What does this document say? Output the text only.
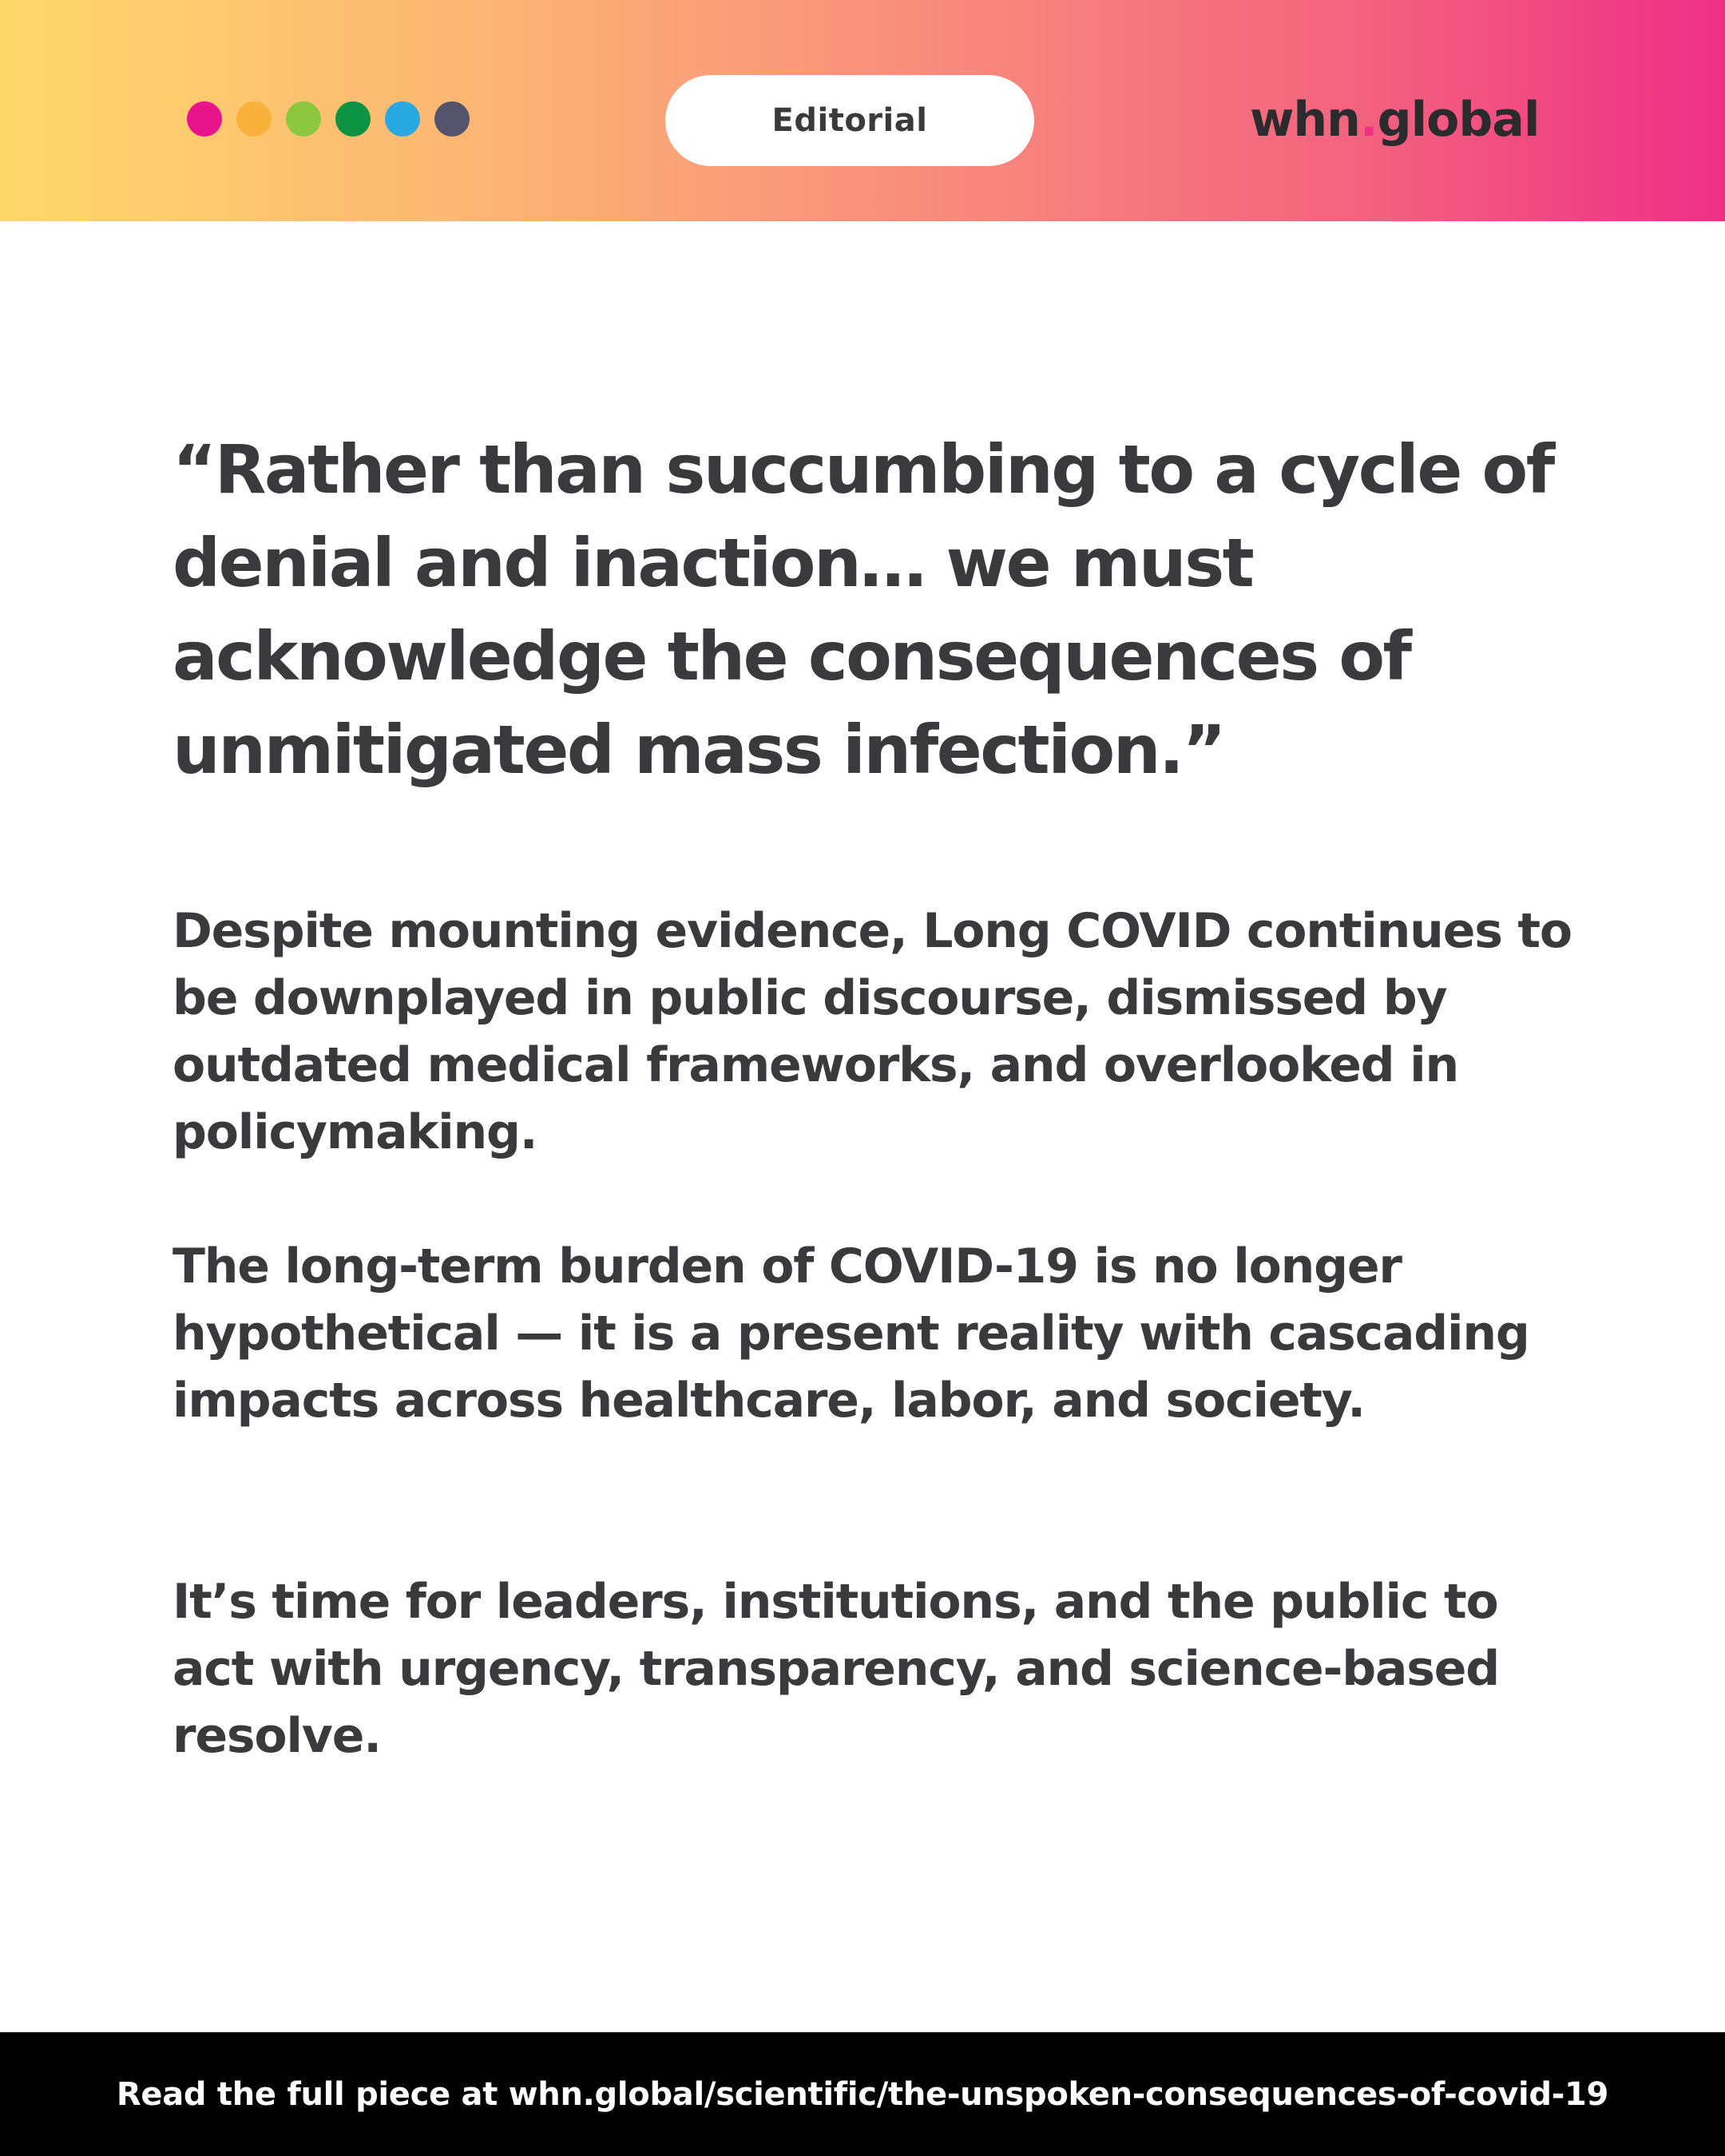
Editorial	whn.global

“Rather than succumbing to a cycle of denial and inaction… we must acknowledge the consequences of unmitigated mass infection.”

Despite mounting evidence, Long COVID continues to be downplayed in public discourse, dismissed by outdated medical frameworks, and overlooked in policymaking.

The long-term burden of COVID-19 is no longer hypothetical — it is a present reality with cascading impacts across healthcare, labor, and society.

It’s time for leaders, institutions, and the public to act with urgency, transparency, and science-based resolve.

Read the full piece at whn.global/scientific/the-unspoken-consequences-of-covid-19
